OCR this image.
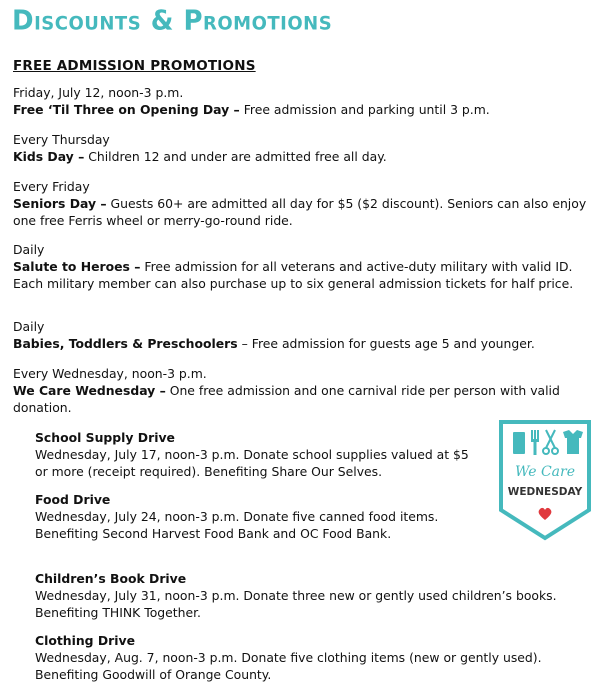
Discounts & Promotions
FREE ADMISSION PROMOTIONS
Friday, July 12, noon-3 p.m.
Free ‘Til Three on Opening Day – Free admission and parking until 3 p.m.
Every Thursday
Kids Day – Children 12 and under are admitted free all day.
Every Friday
Seniors Day – Guests 60+ are admitted all day for $5 ($2 discount). Seniors can also enjoy one free Ferris wheel or merry-go-round ride.
Daily
Salute to Heroes – Free admission for all veterans and active-duty military with valid ID. Each military member can also purchase up to six general admission tickets for half price.
Daily
Babies, Toddlers & Preschoolers – Free admission for guests age 5 and younger.
Every Wednesday, noon-3 p.m.
We Care Wednesday – One free admission and one carnival ride per person with valid donation.
School Supply Drive
Wednesday, July 17, noon-3 p.m. Donate school supplies valued at $5 or more (receipt required). Benefiting Share Our Selves.
Food Drive
Wednesday, July 24, noon-3 p.m. Donate five canned food items. Benefiting Second Harvest Food Bank and OC Food Bank.
Children’s Book Drive
Wednesday, July 31, noon-3 p.m. Donate three new or gently used children’s books. Benefiting THINK Together.
Clothing Drive
Wednesday, Aug. 7, noon-3 p.m. Donate five clothing items (new or gently used). Benefiting Goodwill of Orange County.
We Care
WEDNESDAY
